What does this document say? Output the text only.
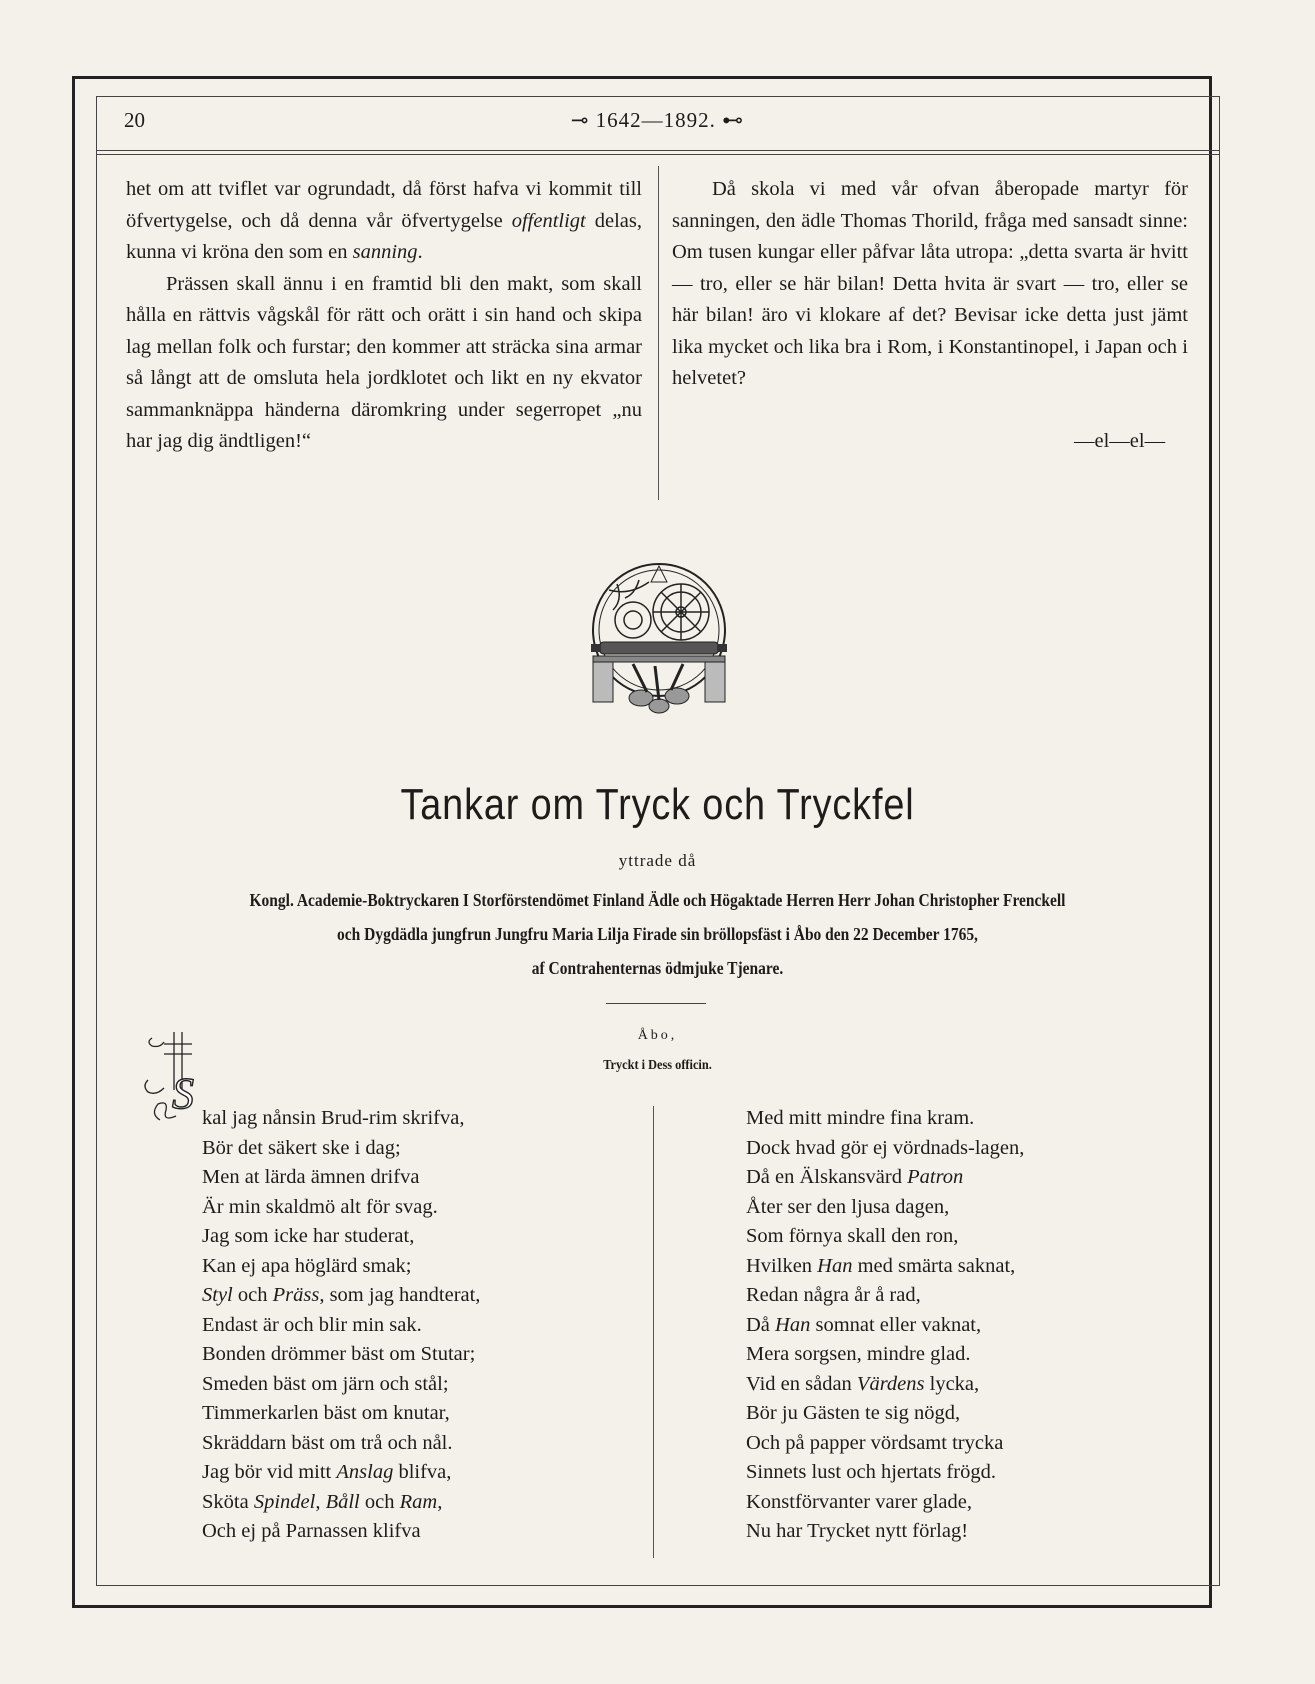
20	⊸ 1642—1892. ⊷

het om att tviflet var ogrundadt, då först hafva vi kommit till öfvertygelse, och då denna vår öfvertygelse offentligt delas, kunna vi kröna den som en sanning.

Prässen skall ännu i en framtid bli den makt, som skall hålla en rättvis vågskål för rätt och orätt i sin hand och skipa lag mellan folk och furstar; den kommer att sträcka sina armar så långt att de omsluta hela jordklotet och likt en ny ekvator sammanknäppa händerna däromkring under segerropet „nu har jag dig ändtligen!“

Då skola vi med vår ofvan åberopade martyr för sanningen, den ädle Thomas Thorild, fråga med sansadt sinne: Om tusen kungar eller påfvar låta utropa: „detta svarta är hvitt — tro, eller se här bilan! Detta hvita är svart — tro, eller se här bilan! äro vi klokare af det? Bevisar icke detta just jämt lika mycket och lika bra i Rom, i Konstantinopel, i Japan och i helvetet?

—el—el—
Tankar om Tryck och Tryckfel
yttrade då
Kongl. Academie-Boktryckaren I Storförstendömet Finland Ädle och Högaktade Herren Herr Johan Christopher Frenckell
och Dygdädla jungfrun Jungfru Maria Lilja Firade sin bröllopsfäst i Åbo den 22 December 1765,
af Contrahenternas ödmjuke Tjenare.
Åbo,
Tryckt i Dess officin.
S kal jag nånsin Brud-rim skrifva,
Bör det säkert ske i dag;
Men at lärda ämnen drifva
Är min skaldmö alt för svag.
Jag som icke har studerat,
Kan ej apa höglärd smak;
Styl och Präss, som jag handterat,
Endast är och blir min sak.
Bonden drömmer bäst om Stutar;
Smeden bäst om järn och stål;
Timmerkarlen bäst om knutar,
Skräddarn bäst om trå och nål.
Jag bör vid mitt Anslag blifva,
Sköta Spindel, Båll och Ram,
Och ej på Parnassen klifva
Med mitt mindre fina kram.
Dock hvad gör ej vördnads-lagen,
Då en Älskansvärd Patron
Åter ser den ljusa dagen,
Som förnya skall den ron,
Hvilken Han med smärta saknat,
Redan några år å rad,
Då Han somnat eller vaknat,
Mera sorgsen, mindre glad.
Vid en sådan Värdens lycka,
Bör ju Gästen te sig nögd,
Och på papper vördsamt trycka
Sinnets lust och hjertats frögd.
Konstförvanter varer glade,
Nu har Trycket nytt förlag!
